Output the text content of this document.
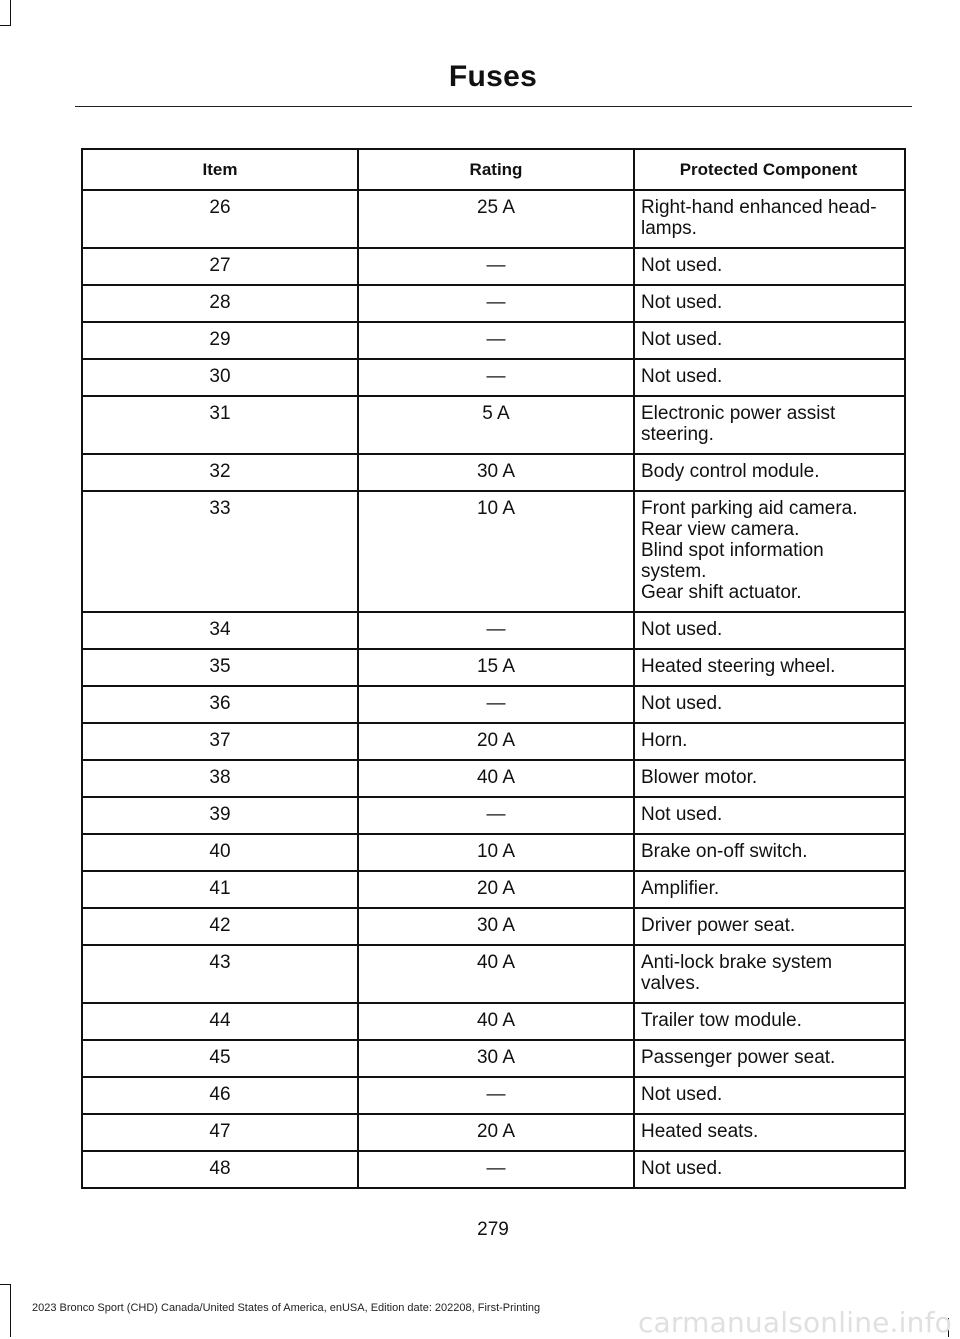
Fuses
Item	Rating	Protected Component
26	25 A	Right-hand enhanced head-
lamps.

27	—	Not used.

28	—	Not used.

29	—	Not used.

30	—	Not used.

31	5 A	Electronic power assist
steering.

32	30 A	Body control module.

33	10 A	Front parking aid camera.
Rear view camera.
Blind spot information
system.
Gear shift actuator.

34	—	Not used.

35	15 A	Heated steering wheel.

36	—	Not used.

37	20 A	Horn.

38	40 A	Blower motor.

39	—	Not used.

40	10 A	Brake on-off switch.

41	20 A	Amplifier.

42	30 A	Driver power seat.

43	40 A	Anti-lock brake system
valves.

44	40 A	Trailer tow module.

45	30 A	Passenger power seat.

46	—	Not used.

47	20 A	Heated seats.

48	—	Not used.
279
2023 Bronco Sport (CHD) Canada/United States of America, enUSA, Edition date: 202208, First-Printing	carmanualsonline.info
